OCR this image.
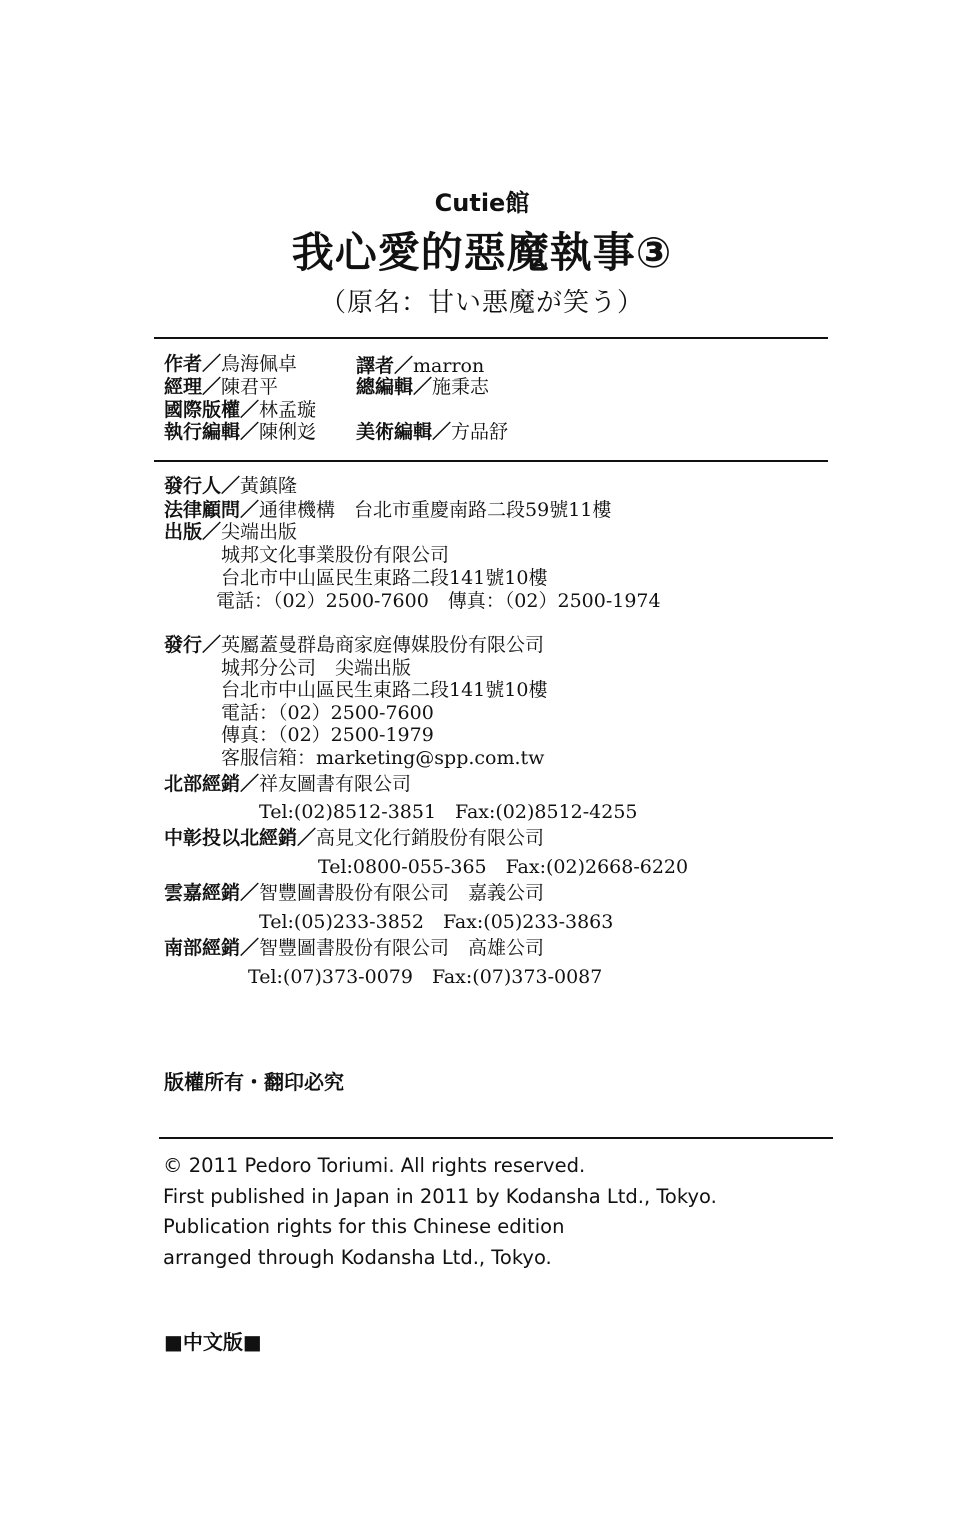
Cutie館
我心愛的惡魔執事③
（原名：甘い悪魔が笑う）
作者／鳥海佩卓	譯者／marron
經理／陳君平	總編輯／施秉志
國際版權／林孟璇
執行編輯／陳俐彣 美術編輯／方品舒
發行人／黃鎮隆
法律顧問／通律機構　台北市重慶南路二段59號11樓
出版／尖端出版
城邦文化事業股份有限公司
台北市中山區民生東路二段141號10樓
電話：（02）2500-7600　傳真：（02）2500-1974
發行／英屬蓋曼群島商家庭傳媒股份有限公司
城邦分公司　尖端出版
台北市中山區民生東路二段141號10樓
電話：（02）2500-7600
傳真：（02）2500-1979
客服信箱：marketing@spp.com.tw
北部經銷／祥友圖書有限公司
Tel:(02)8512-3851　Fax:(02)8512-4255
中彰投以北經銷／高見文化行銷股份有限公司
Tel:0800-055-365　Fax:(02)2668-6220
雲嘉經銷／智豐圖書股份有限公司　嘉義公司
Tel:(05)233-3852　Fax:(05)233-3863
南部經銷／智豐圖書股份有限公司　高雄公司
Tel:(07)373-0079　Fax:(07)373-0087
版權所有・翻印必究
© 2011 Pedoro Toriumi. All rights reserved.
First published in Japan in 2011 by Kodansha Ltd., Tokyo.
Publication rights for this Chinese edition
arranged through Kodansha Ltd., Tokyo.
■中文版■
